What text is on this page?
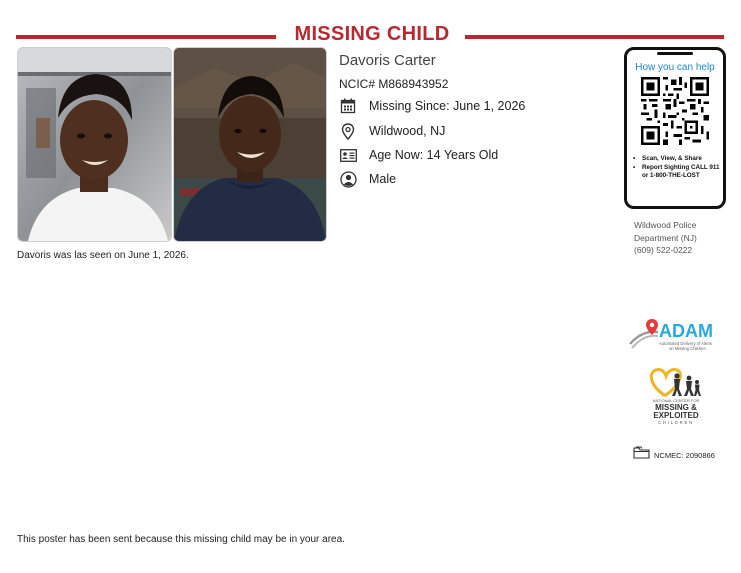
MISSING CHILD
Davoris was las seen on June 1, 2026.
Davoris Carter
NCIC# M868943952
Missing Since: June 1, 2026
Wildwood, NJ
Age Now: 14 Years Old
Male
How you can help
•	Scan, View, & Share
•	Report Sighting CALL 911 or 1-800-THE-LOST
Wildwood Police
Department (NJ)
(609) 522-0222
ADAM
Automated Delivery of Alerts
on Missing Children
NATIONAL CENTER FOR
MISSING &
EXPLOITED
CHILDREN
NCMEC: 2090866
This poster has been sent because this missing child may be in your area.
